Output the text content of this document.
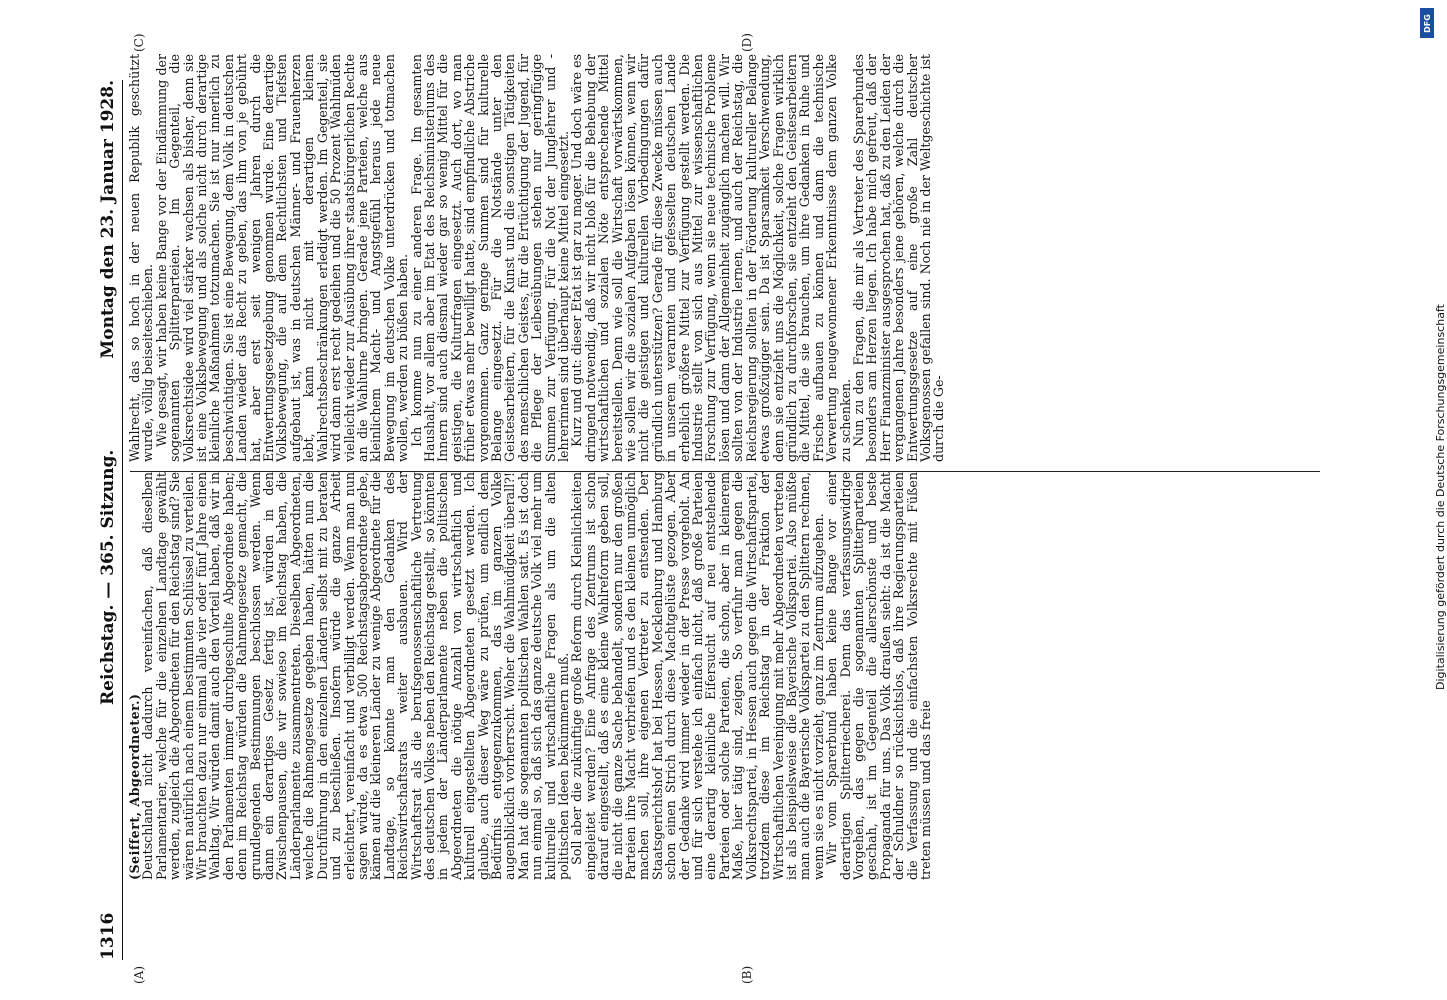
1316
Reichstag. — 365. Sitzung.
Montag den 23. Januar 1928.
(A)	(B)
(C)	(D)

(Seiffert, Abgeordneter.)

Deutschland nicht dadurch vereinfachen, daß dieselben Parlamentarier, welche für die einzelnen Landtage gewählt werden, zugleich die Abgeordneten für den Reichstag sind? Sie wären natürlich nach einem bestimmten Schlüssel zu verteilen. Wir brauchten dazu nur einmal alle vier oder fünf Jahre einen Wahltag. Wir würden damit auch den Vorteil haben, daß wir in den Parlamenten immer durchgeschulte Abgeordnete haben; denn im Reichstag würden die Rahmengesetze gemacht, die grundlegenden Bestimmungen beschlossen werden. Wenn dann ein derartiges Gesetz fertig ist, würden in den Zwischenpausen, die wir sowieso im Reichstag haben, die Länderparlamente zusammentreten. Dieselben Abgeordneten, welche die Rahmengesetze gegeben haben, hätten nun die Durchführung in den einzelnen Ländern selbst mit zu beraten und zu beschließen. Insofern würde die ganze Arbeit erleichtert, vereinfacht und verbilligt werden. Wenn man nun sagen würde, da es etwa 500 Reichstagsabgeordnete gebe, kämen auf die kleineren Länder zu wenige Abgeordnete für die Landtage, so könnte man den Gedanken des Reichswirtschaftsrats weiter ausbauen. Wird der Wirtschaftsrat als die berufsgenossenschaftliche Vertretung des deutschen Volkes neben den Reichstag gestellt, so könnten in jedem der Länderparlamente neben die politischen Abgeordneten die nötige Anzahl von wirtschaftlich und kulturell eingestellten Abgeordneten gesetzt werden. Ich glaube, auch dieser Weg wäre zu prüfen, um endlich dem Bedürfnis entgegenzukommen, das im ganzen Volke augenblicklich vorherrscht. Woher die Wahlmüdigkeit überall?! Man hat die sogenannten politischen Wahlen satt. Es ist doch nun einmal so, daß sich das ganze deutsche Volk viel mehr um kulturelle und wirtschaftliche Fragen als um die alten politischen Ideen bekümmern muß.

Soll aber die zukünftige große Reform durch Kleinlichkeiten eingeleitet werden? Eine Anfrage des Zentrums ist schon darauf eingestellt, daß es eine kleine Wahlreform geben soll, die nicht die ganze Sache behandelt, sondern nur den großen Parteien ihre Macht verbriefen und es den kleinen unmöglich machen soll, ihre eigenen Vertreter zu entsenden. Der Staatsgerichtshof hat bei Hessen, Mecklenburg und Hamburg schon einen Strich durch diese Machtgelüste gezogen. Aber der Gedanke wird immer wieder in der Presse vorgeholt. An und für sich verstehe ich einfach nicht, daß große Parteien eine derartig kleinliche Eifersucht auf neu entstehende Parteien oder solche Parteien, die schon, aber in kleinerem Maße, hier tätig sind, zeigen. So verfuhr man gegen die Volksrechtspartei, in Hessen auch gegen die Wirtschaftspartei, trotzdem diese im Reichstag in der Fraktion der Wirtschaftlichen Vereinigung mit mehr Abgeordneten vertreten ist als beispielsweise die Bayerische Volkspartei. Also müßte man auch die Bayerische Volkspartei zu den Splittern rechnen, wenn sie es nicht vorzieht, ganz im Zentrum aufzugehen.

Wir vom Sparerbund haben keine Bange vor einer derartigen Splitterriecherei. Denn das verfassungswidrige Vorgehen, das gegen die sogenannten Splitterparteien geschah, ist im Gegenteil die allerschönste und beste Propaganda für uns. Das Volk draußen sieht: da ist die Macht der Schuldner so rücksichtslos, daß ihre Regierungsparteien die Verfassung und die einfachsten Volksrechte mit Füßen treten müssen und das freie

Wahlrecht, das so hoch in der neuen Republik geschützt wurde, völlig beiseiteschieben.

Wie gesagt, wir haben keine Bange vor der Eindämmung der sogenannten Splitterparteien. Im Gegenteil, die Volksrechtsidee wird viel stärker wachsen als bisher, denn sie ist eine Volksbewegung und als solche nicht durch derartige kleinliche Maßnahmen totzumachen. Sie ist nur innerlich zu beschwichtigen. Sie ist eine Bewegung, dem Volk in deutschen Landen wieder das Recht zu geben, das ihm von je gebührt hat, aber erst seit wenigen Jahren durch die Entwertungsgesetzgebung genommen wurde. Eine derartige Volksbewegung, die auf dem Rechtlichsten und Tiefsten aufgebaut ist, was in deutschen Männer- und Frauenherzen lebt, kann nicht mit derartigen kleinen Wahlrechtsbeschränkungen erledigt werden. Im Gegenteil, sie wird dann erst recht gedeihen und die 50 Prozent Wahlmüden vielleicht wieder zur Ausübung ihrer staatsbürgerlichen Rechte an die Wahlurne bringen. Gerade jene Parteien, welche aus kleinlichem Macht- und Angstgefühl heraus jede neue Bewegung im deutschen Volke unterdrücken und totmachen wollen, werden zu büßen haben.

Ich komme nun zu einer anderen Frage. Im gesamten Haushalt, vor allem aber im Etat des Reichsministeriums des Innern sind auch diesmal wieder gar so wenig Mittel für die geistigen, die Kulturfragen eingesetzt. Auch dort, wo man früher etwas mehr bewilligt hatte, sind empfindliche Abstriche vorgenommen. Ganz geringe Summen sind für kulturelle Belange eingesetzt. Für die Notstände unter den Geistesarbeitern, für die Kunst und die sonstigen Tätigkeiten des menschlichen Geistes, für die Ertüchtigung der Jugend, für die Pflege der Leibesübungen stehen nur geringfügige Summen zur Verfügung. Für die Not der Junglehrer und -lehrerinnen sind überhaupt keine Mittel eingesetzt.

Kurz und gut: dieser Etat ist gar zu mager. Und doch wäre es dringend notwendig, daß wir nicht bloß für die Behebung der wirtschaftlichen und sozialen Nöte entsprechende Mittel bereitstellen. Denn wie soll die Wirtschaft vorwärtskommen, wie sollen wir die sozialen Aufgaben lösen können, wenn wir nicht die geistigen und kulturellen Vorbedingungen dafür gründlich unterstützen? Gerade für diese Zwecke müssen auch in unserem verarmten und gefesselten deutschen Lande erheblich größere Mittel zur Verfügung gestellt werden. Die Industrie stellt von sich aus Mittel zur wissenschaftlichen Forschung zur Verfügung, wenn sie neue technische Probleme lösen und dann der Allgemeinheit zugänglich machen will. Wir sollten von der Industrie lernen, und auch der Reichstag, die Reichsregierung sollten in der Förderung kultureller Belange etwas großzügiger sein. Da ist Sparsamkeit Verschwendung, denn sie entzieht uns die Möglichkeit, solche Fragen wirklich gründlich zu durchforschen, sie entzieht den Geistesarbeitern die Mittel, die sie brauchen, um ihre Gedanken in Ruhe und Frische aufbauen zu können und dann die technische Verwertung neugewonnener Erkenntnisse dem ganzen Volke zu schenken.

Nun zu den Fragen, die mir als Vertreter des Sparerbundes besonders am Herzen liegen. Ich habe mich gefreut, daß der Herr Finanzminister ausgesprochen hat, daß zu den Leiden der vergangenen Jahre besonders jene gehören, welche durch die Entwertungsgesetze auf eine große Zahl deutscher Volksgenossen gefallen sind. Noch nie in der Weltgeschichte ist durch die Ge-

DFG
Digitalisierung gefördert durch die Deutsche Forschungsgemeinschaft
